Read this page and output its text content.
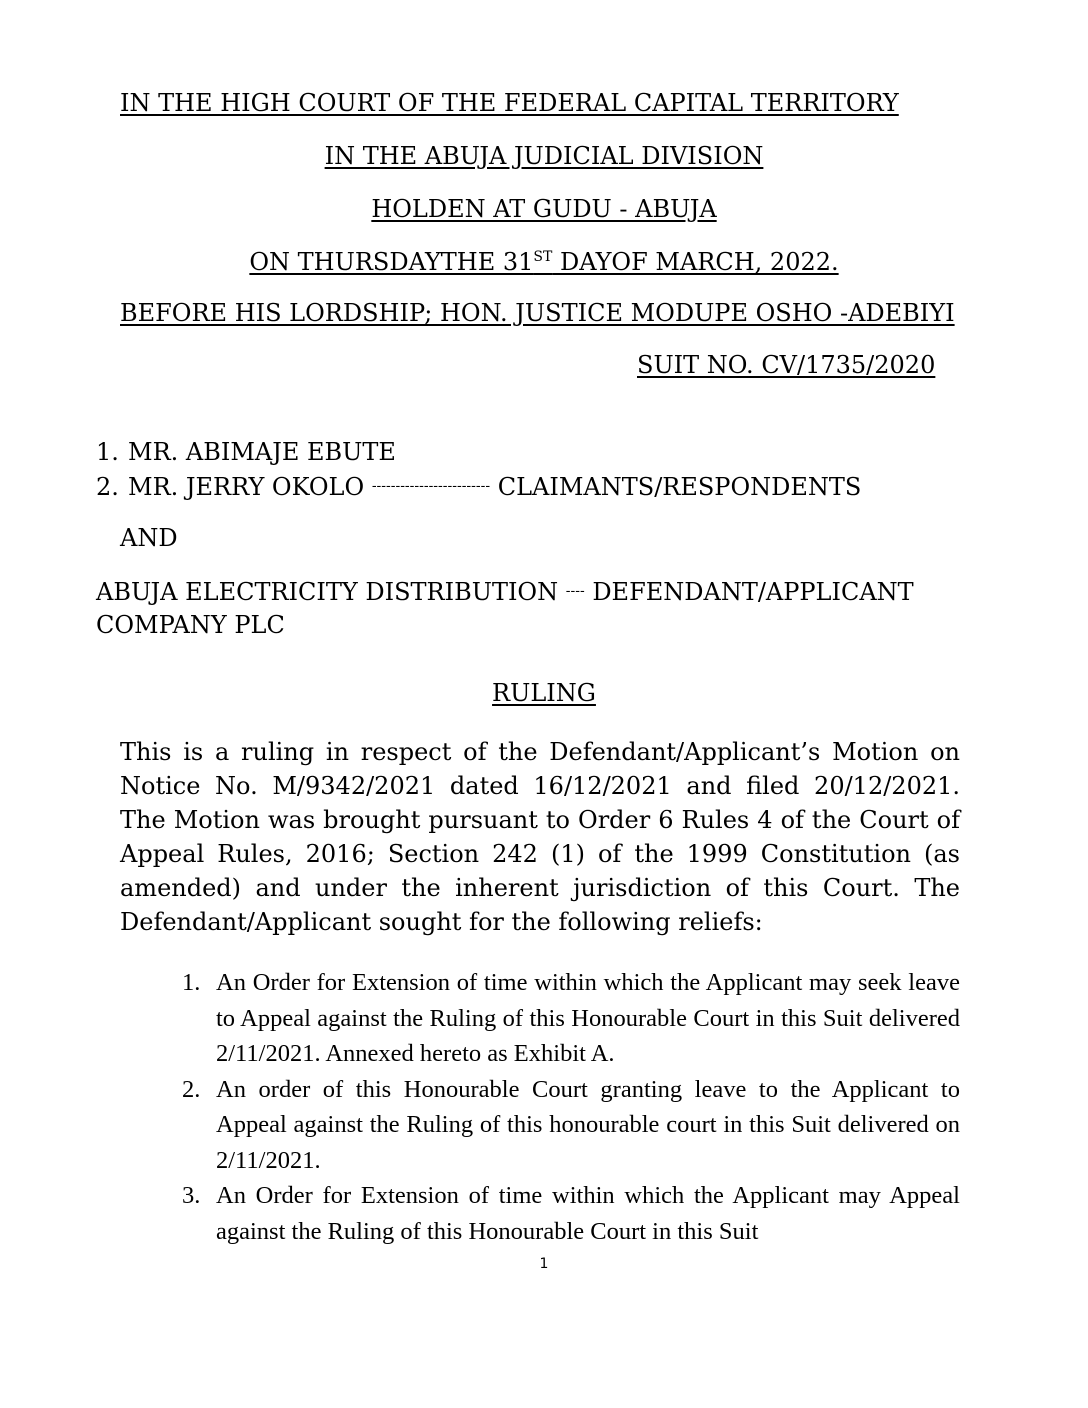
IN THE HIGH COURT OF THE FEDERAL CAPITAL TERRITORY
IN THE ABUJA JUDICIAL DIVISION
HOLDEN AT GUDU - ABUJA
ON THURSDAYTHE 31ST DAYOF MARCH, 2022.
BEFORE HIS LORDSHIP; HON. JUSTICE MODUPE OSHO -ADEBIYI
SUIT NO. CV/1735/2020
1. MR. ABIMAJE EBUTE
2. MR. JERRY OKOLO ------------------------- CLAIMANTS/RESPONDENTS
AND
ABUJA ELECTRICITY DISTRIBUTION ---- DEFENDANT/APPLICANT
COMPANY PLC
RULING

This is a ruling in respect of the Defendant/Applicant’s Motion on Notice No. M/9342/2021 dated 16/12/2021 and filed 20/12/2021. The Motion was brought pursuant to Order 6 Rules 4 of the Court of Appeal Rules, 2016; Section 242 (1) of the 1999 Constitution (as amended) and under the inherent jurisdiction of this Court. The Defendant/Applicant sought for the following reliefs:

1. An Order for Extension of time within which the Applicant may seek leave to Appeal against the Ruling of this Honourable Court in this Suit delivered 2/11/2021. Annexed hereto as Exhibit A.
2. An order of this Honourable Court granting leave to the Applicant to Appeal against the Ruling of this honourable court in this Suit delivered on 2/11/2021.
3. An Order for Extension of time within which the Applicant may Appeal against the Ruling of this Honourable Court in this Suit
1
